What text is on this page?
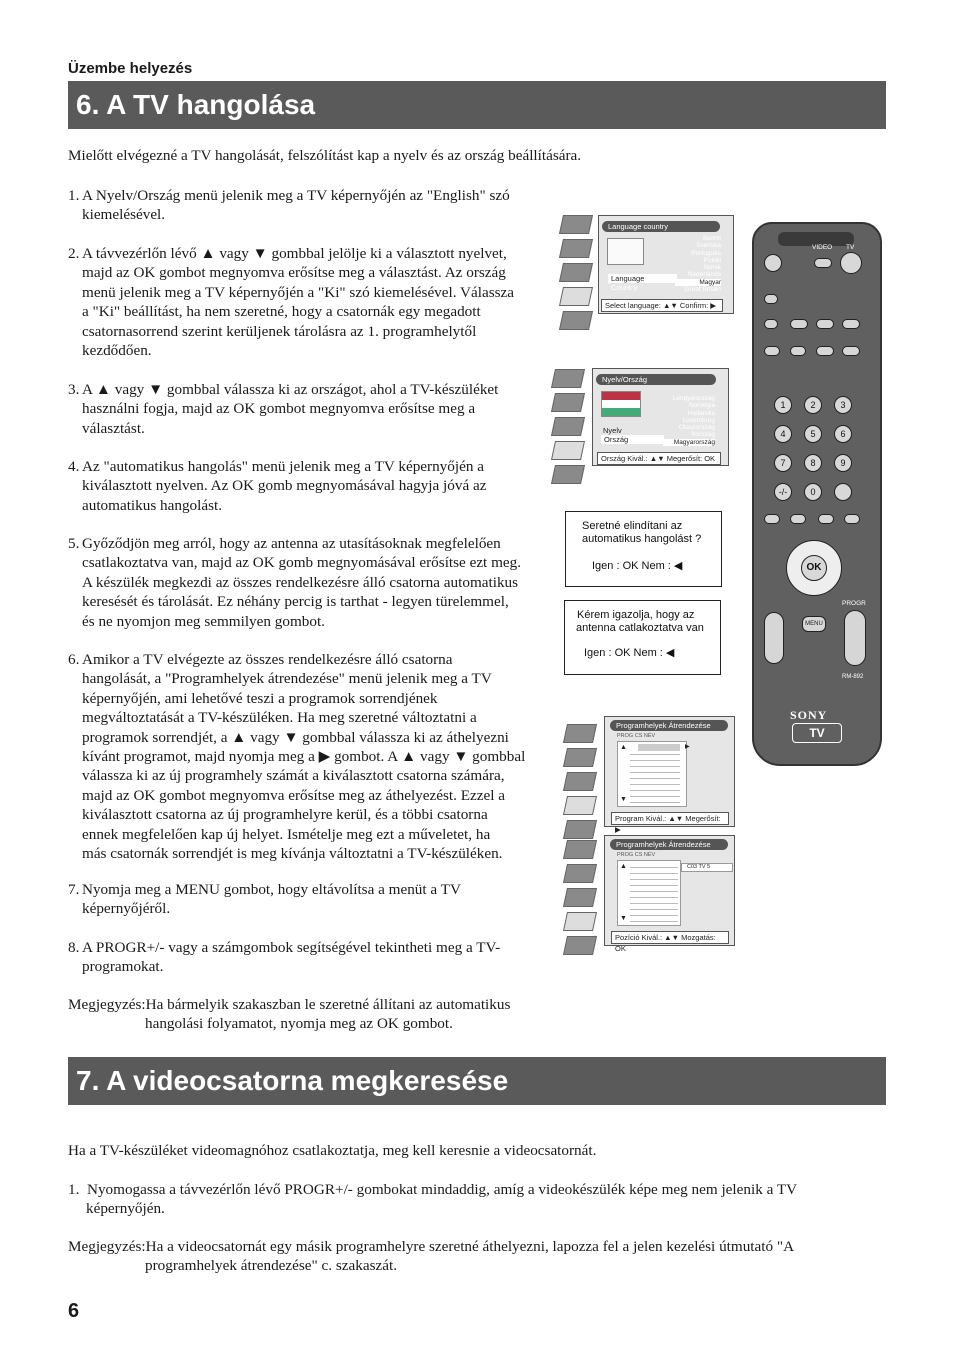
Üzembe helyezés
6. A TV hangolása
Mielőtt elvégezné a TV hangolását, felszólítást kap a nyelv és az ország beállítására.
1. A Nyelv/Ország menü jelenik meg a TV képernyőjén az "English" szó
kiemelésével.
2. A távvezérlőn lévő ▲ vagy ▼ gombbal jelölje ki a választott nyelvet,
majd az OK gombot megnyomva erősítse meg a választást. Az ország
menü jelenik meg a TV képernyőjén a "Ki" szó kiemelésével. Válassza
a "Ki" beállítást, ha nem szeretné, hogy a csatornák egy megadott
csatornasorrend szerint kerüljenek tárolásra az 1. programhelytől
kezdődően.
3. A ▲ vagy ▼ gombbal válassza ki az országot, ahol a TV-készüléket
használni fogja, majd az OK gombot megnyomva erősítse meg a
választást.
4. Az "automatikus hangolás" menü jelenik meg a TV képernyőjén a
kiválasztott nyelven. Az OK gomb megnyomásával hagyja jóvá az
automatikus hangolást.
5. Győződjön meg arról, hogy az antenna az utasításoknak megfelelően
csatlakoztatva van, majd az OK gomb megnyomásával erősítse ezt meg.
A készülék megkezdi az összes rendelkezésre álló csatorna automatikus
keresését és tárolását. Ez néhány percig is tarthat - legyen türelemmel,
és ne nyomjon meg semmilyen gombot.
6. Amikor a TV elvégezte az összes rendelkezésre álló csatorna
hangolását, a "Programhelyek átrendezése" menü jelenik meg a TV
képernyőjén, ami lehetővé teszi a programok sorrendjének
megváltoztatását a TV-készüléken. Ha meg szeretné változtatni a
programok sorrendjét, a ▲ vagy ▼ gombbal válassza ki az áthelyezni
kívánt programot, majd nyomja meg a ▶ gombot. A ▲ vagy ▼ gombbal
válassza ki az új programhely számát a kiválasztott csatorna számára,
majd az OK gombot megnyomva erősítse meg az áthelyezést. Ezzel a
kiválasztott csatorna az új programhelyre kerül, és a többi csatorna
ennek megfelelően kap új helyet. Ismételje meg ezt a műveletet, ha
más csatornák sorrendjét is meg kívánja változtatni a TV-készüléken.
7. Nyomja meg a MENU gombot, hogy eltávolítsa a menüt a TV
képernyőjéről.
8. A PROGR+/- vagy a számgombok segítségével tekintheti meg a TV-
programokat.
Megjegyzés:Ha bármelyik szakaszban le szeretné állítani az automatikus
hangolási folyamatot, nyomja meg az OK gombot.
7. A videocsatorna megkeresése
Ha a TV-készüléket videomagnóhoz csatlakoztatja, meg kell keresnie a videocsatornát.
1. Nyomogassa a távvezérlőn lévő PROGR+/- gombokat mindaddig, amíg a videokészülék képe meg nem jelenik a TV
képernyőjén.
Megjegyzés:Ha a videocsatornát egy másik programhelyre szeretné áthelyezni, lapozza fel a jelen kezelési útmutató "A
programhelyek átrendezése" c. szakaszát.
6
Language country
Suomi
Svenska
Português
Polski
Norsk
Nederlands
Magyar
Great Britain
Language
Country
Select language: ▲▼ Confirm: ▶
Nyelv/Ország
Lengyelország
Norvégia
Hollandia
Luxemburg
Olaszország
Írország
Magyarország
Nyelv
Ország
Ország Kivál.: ▲▼ Megerősít: OK
Seretné elindítani az
automatikus hangolást ?
Igen : OK Nem : ◀
Kérem igazolja, hogy az
antenna catlakoztatva van
Igen : OK Nem : ◀
Programhelyek Átrendezése
PROG CS NÉV
▲
▼
▶
Program Kivál.: ▲▼ Megerősít: ▶
Programhelyek Átrendezése
PROG CS NÉV
▲
▼
C03 TV 5
Pozíció Kivál.: ▲▼ Mozgatás: OK
VIDEO TV
1	2	3
4	5	6
7	8	9
-/-	0
OK
PROGR
MENU
RM-892
SONY
TV
